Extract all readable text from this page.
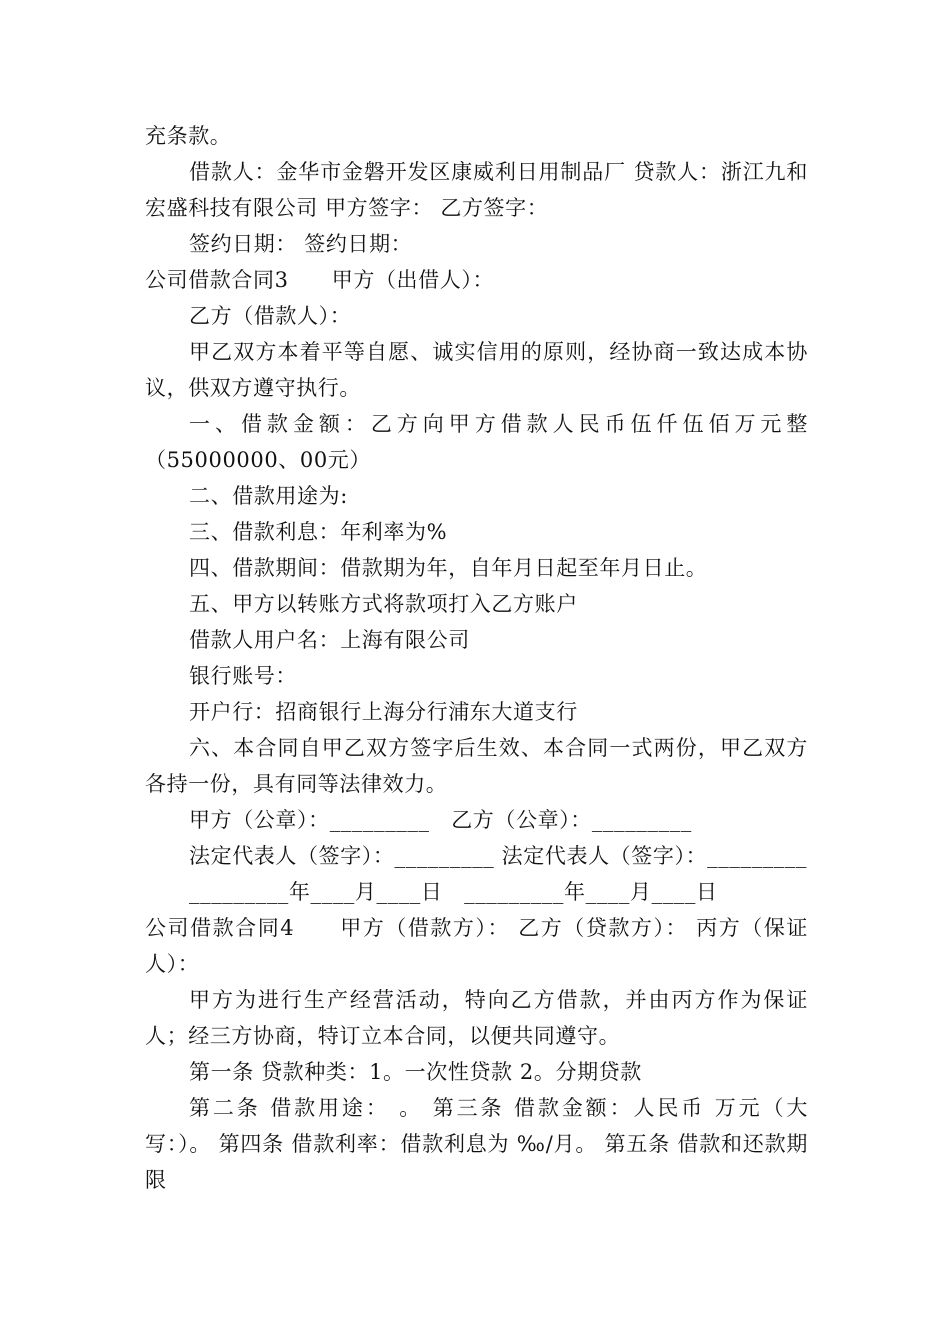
充条款。

借款人：金华市金磐开发区康威利日用制品厂 贷款人：浙江九和宏盛科技有限公司 甲方签字： 乙方签字：

签约日期： 签约日期：

公司借款合同3　　甲方（出借人）：

乙方（借款人）：

甲乙双方本着平等自愿、诚实信用的原则，经协商一致达成本协议，供双方遵守执行。

一、借款金额：乙方向甲方借款人民币伍仟伍佰万元整（55000000、00元）

二、借款用途为:

三、借款利息：年利率为%

四、借款期间：借款期为年，自年月日起至年月日止。

五、甲方以转账方式将款项打入乙方账户

借款人用户名：上海有限公司

银行账号：

开户行：招商银行上海分行浦东大道支行

六、本合同自甲乙双方签字后生效、本合同一式两份，甲乙双方各持一份，具有同等法律效力。

甲方（公章）：_________　乙方（公章）：_________

法定代表人（签字）：_________ 法定代表人（签字）：_________

_________年____月____日　_________年____月____日

公司借款合同4　　甲方（借款方）： 乙方（贷款方）： 丙方（保证人）：

甲方为进行生产经营活动，特向乙方借款，并由丙方作为保证人；经三方协商，特订立本合同，以便共同遵守。

第一条 贷款种类：1。一次性贷款 2。分期贷款

第二条 借款用途： 。 第三条 借款金额：人民币 万元（大写：）。 第四条 借款利率：借款利息为 ‰/月。 第五条 借款和还款期限
